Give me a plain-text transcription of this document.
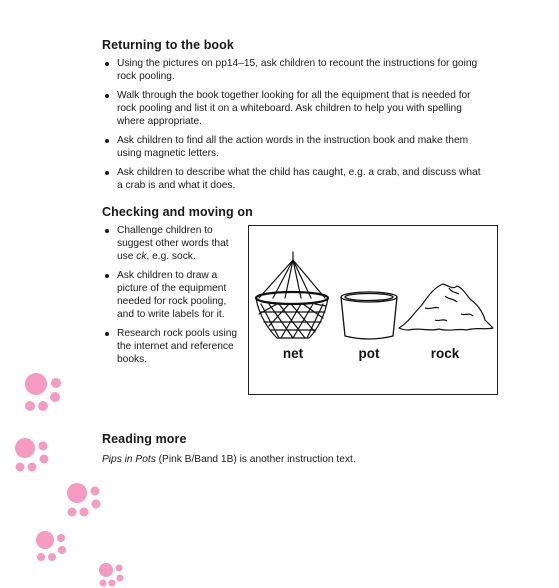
Returning to the book
Using the pictures on pp14–15, ask children to recount the instructions for going rock pooling.
Walk through the book together looking for all the equipment that is needed for rock pooling and list it on a whiteboard. Ask children to help you with spelling where appropriate.
Ask children to find all the action words in the instruction book and make them using magnetic letters.
Ask children to describe what the child has caught, e.g. a crab, and discuss what a crab is and what it does.
Checking and moving on
Challenge children to suggest other words that use ck, e.g. sock.
Ask children to draw a picture of the equipment needed for rock pooling, and to write labels for it.
Research rock pools using the internet and reference books.	net	pot	rock
Reading more

Pips in Pots (Pink B/Band 1B) is another instruction text.
